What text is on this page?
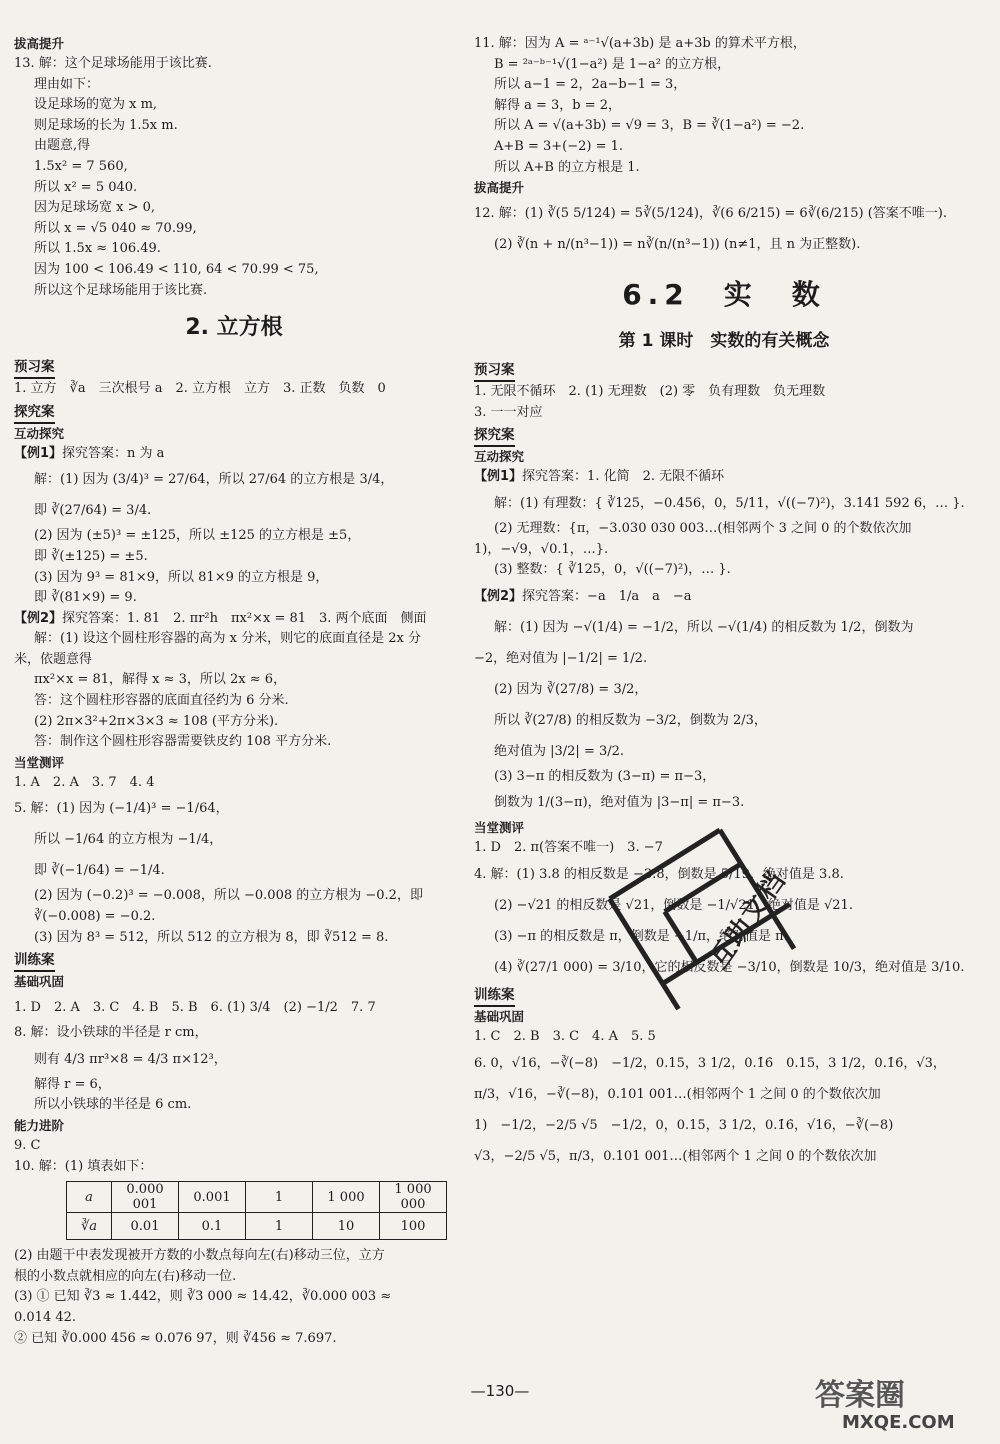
拔高提升
13. 解：这个足球场能用于该比赛.
理由如下：
设足球场的宽为 x m,
则足球场的长为 1.5x m.
由题意,得
1.5x² = 7 560,
所以 x² = 5 040.
因为足球场宽 x > 0,
所以 x = √5 040 ≈ 70.99,
所以 1.5x ≈ 106.49.
因为 100 < 106.49 < 110, 64 < 70.99 < 75,
所以这个足球场能用于该比赛.
2. 立方根
预习案
1. 立方　∛a　三次根号 a　2. 立方根　立方　3. 正数　负数　0
探究案
互动探究
【例1】探究答案：n 为 a
解：(1) 因为 (3/4)³ = 27/64，所以 27/64 的立方根是 3/4，
即 ∛(27/64) = 3/4.
(2) 因为 (±5)³ = ±125，所以 ±125 的立方根是 ±5，
即 ∛(±125) = ±5.
(3) 因为 9³ = 81×9，所以 81×9 的立方根是 9，
即 ∛(81×9) = 9.
【例2】探究答案：1. 81　2. πr²h　πx²×x = 81　3. 两个底面　侧面
解：(1) 设这个圆柱形容器的高为 x 分米，则它的底面直径是 2x 分
米，依题意得
πx²×x = 81，解得 x ≈ 3，所以 2x ≈ 6，
答：这个圆柱形容器的底面直径约为 6 分米.
(2) 2π×3²+2π×3×3 ≈ 108 (平方分米).
答：制作这个圆柱形容器需要铁皮约 108 平方分米.
当堂测评
1. A　2. A　3. 7　4. 4
5. 解：(1) 因为 (−1/4)³ = −1/64，
所以 −1/64 的立方根为 −1/4，
即 ∛(−1/64) = −1/4.
(2) 因为 (−0.2)³ = −0.008，所以 −0.008 的立方根为 −0.2，即
∛(−0.008) = −0.2.
(3) 因为 8³ = 512，所以 512 的立方根为 8，即 ∛512 = 8.
训练案
基础巩固
1. D　2. A　3. C　4. B　5. B　6. (1) 3/4　(2) −1/2　7. 7
8. 解：设小铁球的半径是 r cm，
则有 4/3 πr³×8 = 4/3 π×12³，
解得 r = 6，
所以小铁球的半径是 6 cm.
能力进阶
9. C
10. 解：(1) 填表如下：
a	0.000 001	0.001	1	1 000	1 000 000
∛a	0.01	0.1	1	10	100
(2) 由题干中表发现被开方数的小数点每向左(右)移动三位，立方
根的小数点就相应的向左(右)移动一位.
(3) ① 已知 ∛3 ≈ 1.442，则 ∛3 000 ≈ 14.42，∛0.000 003 ≈
0.014 42.
② 已知 ∛0.000 456 ≈ 0.076 97，则 ∛456 ≈ 7.697.
11. 解：因为 A = ᵃ⁻¹√(a+3b) 是 a+3b 的算术平方根，
B = ²ᵃ⁻ᵇ⁻¹√(1−a²) 是 1−a² 的立方根，
所以 a−1 = 2，2a−b−1 = 3，
解得 a = 3，b = 2，
所以 A = √(a+3b) = √9 = 3，B = ∛(1−a²) = −2.
A+B = 3+(−2) = 1.
所以 A+B 的立方根是 1.
拔高提升
12. 解：(1) ∛(5 5/124) = 5∛(5/124)，∛(6 6/215) = 6∛(6/215) (答案不唯一).
(2) ∛(n + n/(n³−1)) = n∛(n/(n³−1)) (n≠1，且 n 为正整数).
6.2　实　数
第 1 课时　实数的有关概念
预习案
1. 无限不循环　2. (1) 无理数　(2) 零　负有理数　负无理数
3. 一一对应
探究案
互动探究
【例1】探究答案：1. 化简　2. 无限不循环
解：(1) 有理数：{ ∛125，−0.456，0，5/11，√((−7)²)，3.141 592 6，… }.
(2) 无理数：{π，−3.030 030 003…(相邻两个 3 之间 0 的个数依次加
1)，−√9，√0.1，…}.
(3) 整数：{ ∛125，0，√((−7)²)，… }.
【例2】探究答案：−a　1/a　a　−a
解：(1) 因为 −√(1/4) = −1/2，所以 −√(1/4) 的相反数为 1/2，倒数为
−2，绝对值为 |−1/2| = 1/2.
(2) 因为 ∛(27/8) = 3/2，
所以 ∛(27/8) 的相反数为 −3/2，倒数为 2/3，
绝对值为 |3/2| = 3/2.
(3) 3−π 的相反数为 (3−π) = π−3，
倒数为 1/(3−π)，绝对值为 |3−π| = π−3.
当堂测评
1. D　2. π(答案不唯一)　3. −7
4. 解：(1) 3.8 的相反数是 −3.8，倒数是 5/19，绝对值是 3.8.
(2) −√21 的相反数是 √21，倒数是 −1/√21，绝对值是 √21.
(3) −π 的相反数是 π，倒数是 −1/π，绝对值是 π.
(4) ∛(27/1 000) = 3/10，它的相反数是 −3/10，倒数是 10/3，绝对值是 3/10.
训练案
基础巩固
1. C　2. B　3. C　4. A　5. 5
6. 0，√16，−∛(−8)　−1/2，0.15，3 1/2，0.1̇6̇　0.15，3 1/2，0.1̇6̇，√3，
π/3，√16，−∛(−8)，0.101 001…(相邻两个 1 之间 0 的个数依次加
1)　−1/2，−2/5 √5　−1/2，0，0.15，3 1/2，0.1̇6̇，√16，−∛(−8)
√3，−2/5 √5，π/3，0.101 001…(相邻两个 1 之间 0 的个数依次加
互助文档
—130—	答案圈
MXQE.COM
